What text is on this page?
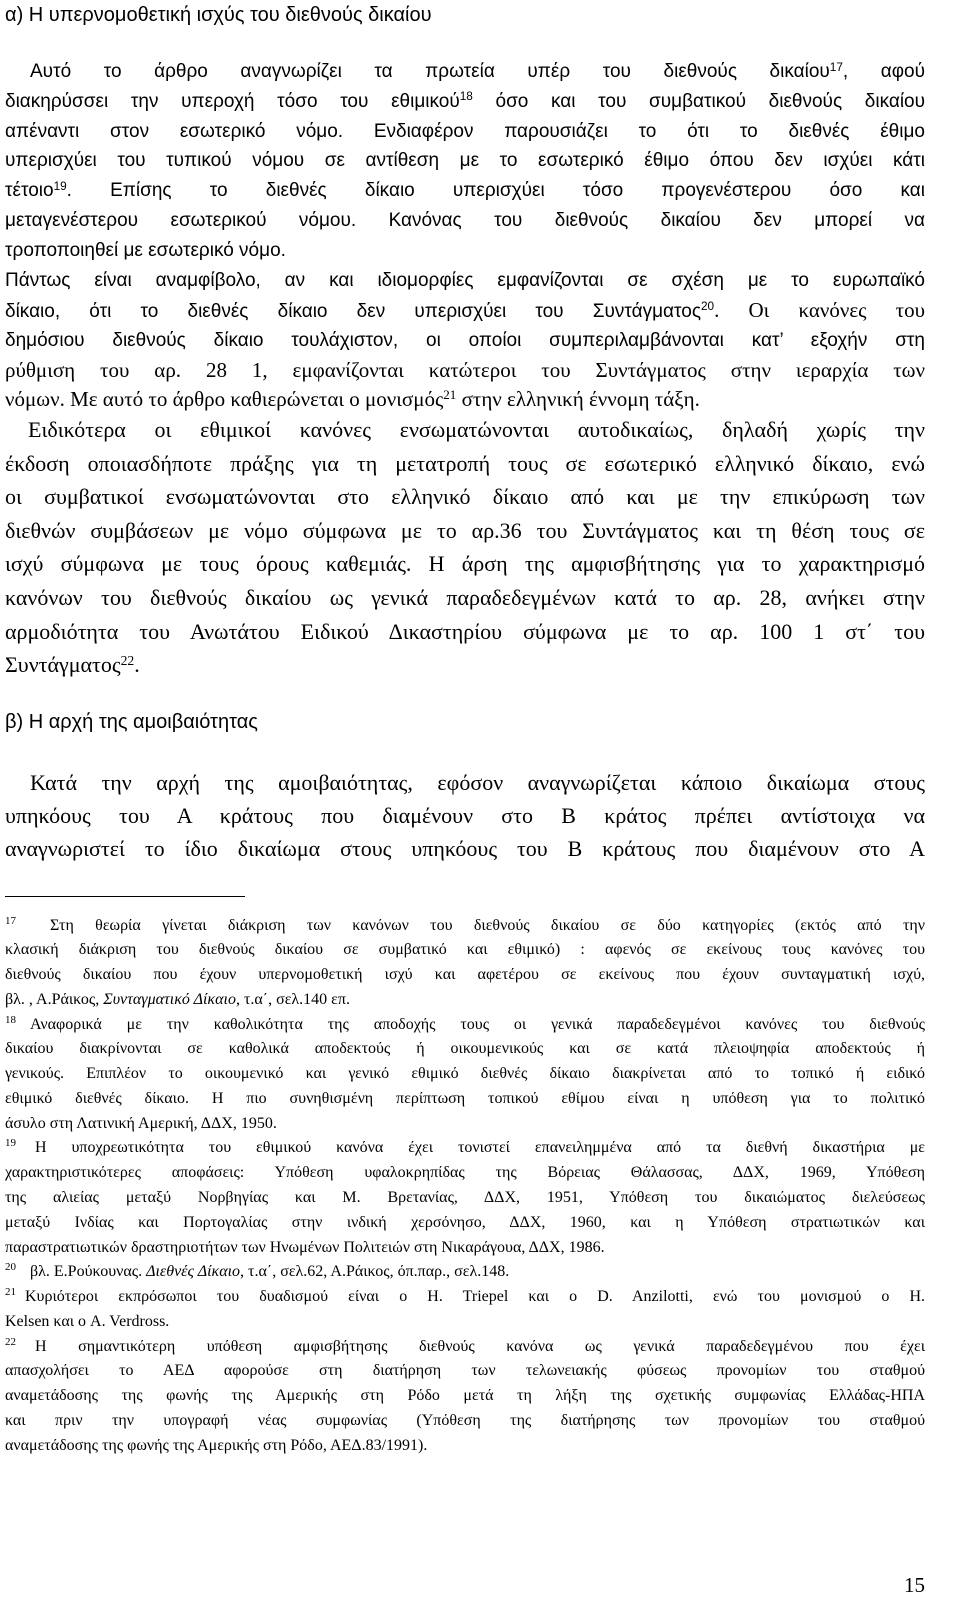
α) Η υπερνομοθετική ισχύς του διεθνούς δικαίου
Αυτό το άρθρο αναγνωρίζει τα πρωτεία υπέρ του διεθνούς δικαίου$^{17}$, αφού
διακηρύσσει την υπεροχή τόσο του εθιμικού$^{18}$ όσο και του συμβατικού διεθνούς δικαίου
απέναντι στον εσωτερικό νόμο. Ενδιαφέρον παρουσιάζει το ότι το διεθνές έθιμο
υπερισχύει του τυπικού νόμου σε αντίθεση με το εσωτερικό έθιμο όπου δεν ισχύει κάτι
τέτοιο$^{19}$. Επίσης το διεθνές δίκαιο υπερισχύει τόσο προγενέστερου όσο και
μεταγενέστερου εσωτερικού νόμου. Κανόνας του διεθνούς δικαίου δεν μπορεί να
τροποποιηθεί με εσωτερικό νόμο.
Πάντως είναι αναμφίβολο, αν και ιδιομορφίες εμφανίζονται σε σχέση με το ευρωπαϊκό
δίκαιο, ότι το διεθνές δίκαιο δεν υπερισχύει του Συντάγματος$^{20}$. Οι κανόνες του
δημόσιου διεθνούς δίκαιο τουλάχιστον, οι οποίοι συμπεριλαμβάνονται κατ’ εξοχήν στη
ρύθμιση του αρ. 28 1, εμφανίζονται κατώτεροι του Συντάγματος στην ιεραρχία των
νόμων. Με αυτό το άρθρο καθιερώνεται ο μονισμός$^{21}$ στην ελληνική έννομη τάξη.
Ειδικότερα οι εθιμικοί κανόνες ενσωματώνονται αυτοδικαίως, δηλαδή χωρίς την
έκδοση οποιασδήποτε πράξης για τη μετατροπή τους σε εσωτερικό ελληνικό δίκαιο, ενώ
οι συμβατικοί ενσωματώνονται στο ελληνικό δίκαιο από και με την επικύρωση των
διεθνών συμβάσεων με νόμο σύμφωνα με το αρ.36 του Συντάγματος και τη θέση τους σε
ισχύ σύμφωνα με τους όρους καθεμιάς. Η άρση της αμφισβήτησης για το χαρακτηρισμό
κανόνων του διεθνούς δικαίου ως γενικά παραδεδεγμένων κατά το αρ. 28, ανήκει στην
αρμοδιότητα του Ανωτάτου Ειδικού Δικαστηρίου σύμφωνα με το αρ. 100 1 στ΄ του
Συντάγματος$^{22}$.
β) Η αρχή της αμοιβαιότητας
Κατά την αρχή της αμοιβαιότητας, εφόσον αναγνωρίζεται κάποιο δικαίωμα στους
υπηκόους του Α κράτους που διαμένουν στο Β κράτος πρέπει αντίστοιχα να
αναγνωριστεί το ίδιο δικαίωμα στους υπηκόους του Β κράτους που διαμένουν στο Α
17 Στη θεωρία γίνεται διάκριση των κανόνων του διεθνούς δικαίου σε δύο κατηγορίες (εκτός από την
κλασική διάκριση του διεθνούς δικαίου σε συμβατικό και εθιμικό) : αφενός σε εκείνους τους κανόνες του
διεθνούς δικαίου που έχουν υπερνομοθετική ισχύ και αφετέρου σε εκείνους που έχουν συνταγματική ισχύ,
βλ. , Α.Ράικος, Συνταγματικό Δίκαιο, τ.α΄, σελ.140 επ.
18 Αναφορικά με την καθολικότητα της αποδοχής τους οι γενικά παραδεδεγμένοι κανόνες του διεθνούς
δικαίου διακρίνονται σε καθολικά αποδεκτούς ή οικουμενικούς και σε κατά πλειοψηφία αποδεκτούς ή
γενικούς. Επιπλέον το οικουμενικό και γενικό εθιμικό διεθνές δίκαιο διακρίνεται από το τοπικό ή ειδικό
εθιμικό διεθνές δίκαιο. Η πιο συνηθισμένη περίπτωση τοπικού εθίμου είναι η υπόθεση για το πολιτικό
άσυλο στη Λατινική Αμερική, ΔΔΧ, 1950.
19 Η υποχρεωτικότητα του εθιμικού κανόνα έχει τονιστεί επανειλημμένα από τα διεθνή δικαστήρια με
χαρακτηριστικότερες αποφάσεις: Υπόθεση υφαλοκρηπίδας της Βόρειας Θάλασσας, ΔΔΧ, 1969, Υπόθεση
της αλιείας μεταξύ Νορβηγίας και Μ. Βρετανίας, ΔΔΧ, 1951, Υπόθεση του δικαιώματος διελεύσεως
μεταξύ Ινδίας και Πορτογαλίας στην ινδική χερσόνησο, ΔΔΧ, 1960, και η Υπόθεση στρατιωτικών και
παραστρατιωτικών δραστηριοτήτων των Ηνωμένων Πολιτειών στη Νικαράγουα, ΔΔΧ, 1986.
20 βλ. Ε.Ρούκουνας. Διεθνές Δίκαιο, τ.α΄, σελ.62, Α.Ράικος, όπ.παρ., σελ.148.
21 Κυριότεροι εκπρόσωποι του δυαδισμού είναι ο H. Triepel και ο D. Anzilotti, ενώ του μονισμού ο H.
Kelsen και ο A. Verdross.
22 Η σημαντικότερη υπόθεση αμφισβήτησης διεθνούς κανόνα ως γενικά παραδεδεγμένου που έχει
απασχολήσει το ΑΕΔ αφορούσε στη διατήρηση των τελωνειακής φύσεως προνομίων του σταθμού
αναμετάδοσης της φωνής της Αμερικής στη Ρόδο μετά τη λήξη της σχετικής συμφωνίας Ελλάδας-ΗΠΑ
και πριν την υπογραφή νέας συμφωνίας (Υπόθεση της διατήρησης των προνομίων του σταθμού
αναμετάδοσης της φωνής της Αμερικής στη Ρόδο, ΑΕΔ.83/1991).
15
